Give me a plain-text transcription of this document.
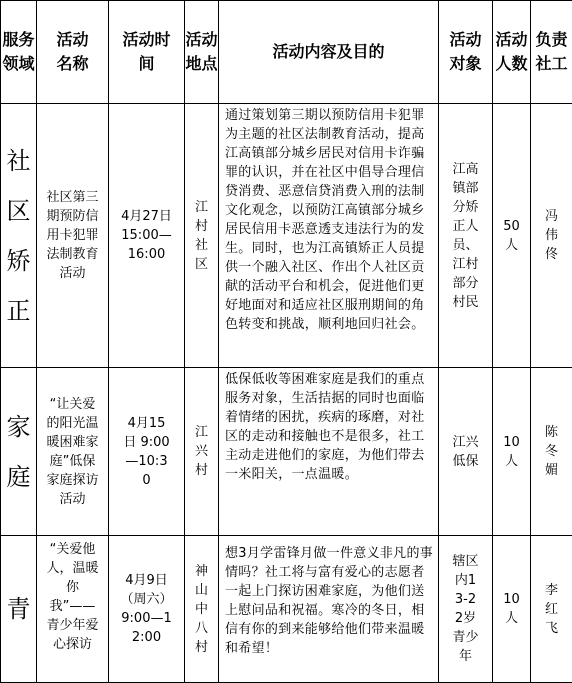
服务领域	活动名称	活动时间	活动地点	活动内容及目的	活动对象	活动人数	负责社工
社区矫正	社区第三期预防信用卡犯罪法制教育活动	4月27日 15:00—16:00	江村社区	通过策划第三期以预防信用卡犯罪为主题的社区法制教育活动，提高江高镇部分城乡居民对信用卡诈骗罪的认识，并在社区中倡导合理信贷消费、恶意信贷消费入刑的法制文化观念，以预防江高镇部分城乡居民信用卡恶意透支违法行为的发生。同时，也为江高镇矫正人员提供一个融入社区、作出个人社区贡献的活动平台和机会，促进他们更好地面对和适应社区服刑期间的角色转变和挑战，顺利地回归社会。	江高镇部分矫正人员、江村部分村民	50人	冯伟佟
家庭	“让关爱的阳光温暖困难家庭”低保家庭探访活动	4月15日 9:00—10:30	江兴村	低保低收等困难家庭是我们的重点服务对象，生活拮据的同时也面临着情绪的困扰，疾病的琢磨，对社区的走动和接触也不是很多，社工主动走进他们的家庭，为他们带去一米阳关，一点温暖。	江兴低保	10人	陈冬媚
青	“关爱他人，温暖你我”——青少年爱心探访	4月9日（周六）9:00—12:00	神山中八村	想3月学雷锋月做一件意义非凡的事情吗？社工将与富有爱心的志愿者一起上门探访困难家庭，为他们送上慰问品和祝福。寒冷的冬日，相信有你的到来能够给他们带来温暖和希望！	辖区内13-22岁青少年	10人	李红飞
